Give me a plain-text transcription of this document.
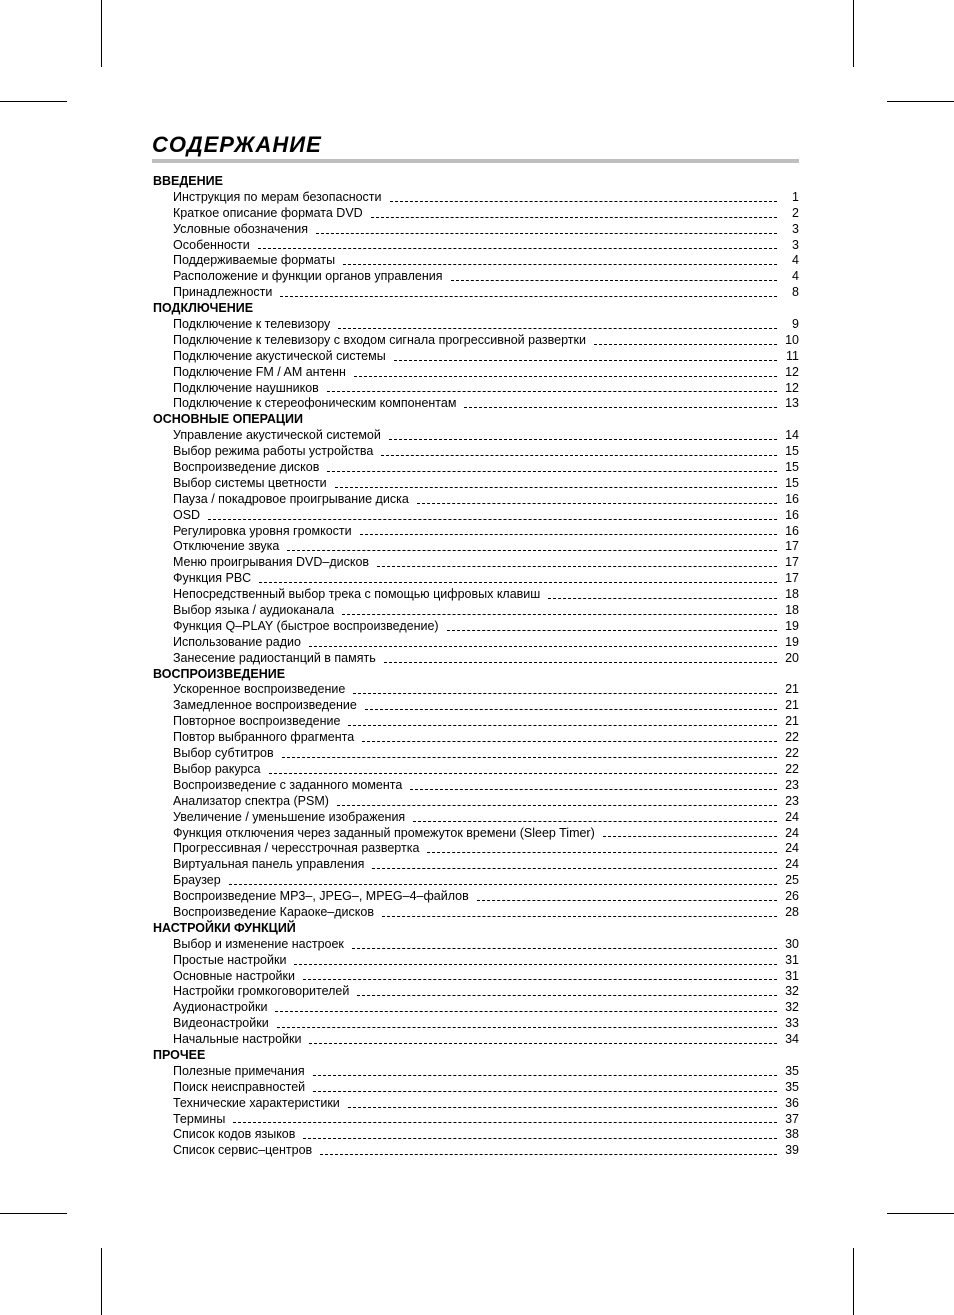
СОДЕРЖАНИЕ
ВВЕДЕНИЕ
Инструкция по мерам безопасности	1
Краткое описание формата DVD	2
Условные обозначения	3
Особенности	3
Поддерживаемые форматы	4
Расположение и функции органов управления	4
Принадлежности	8
ПОДКЛЮЧЕНИЕ
Подключение к телевизору	9
Подключение к телевизору с входом сигнала прогрессивной развертки	10
Подключение акустической системы	11
Подключение FM / AM антенн	12
Подключение наушников	12
Подключение к стереофоническим компонентам	13
ОСНОВНЫЕ ОПЕРАЦИИ
Управление акустической системой	14
Выбор режима работы устройства	15
Воспроизведение дисков	15
Выбор системы цветности	15
Пауза / покадровое проигрывание диска	16
OSD	16
Регулировка уровня громкости	16
Отключение звука	17
Меню проигрывания DVD–дисков	17
Функция PBC	17
Непосредственный выбор трека с помощью цифровых клавиш	18
Выбор языка / аудиоканала	18
Функция Q–PLAY (быстрое воспроизведение)	19
Использование радио	19
Занесение радиостанций в память	20
ВОСПРОИЗВЕДЕНИЕ
Ускоренное воспроизведение	21
Замедленное воспроизведение	21
Повторное воспроизведение	21
Повтор выбранного фрагмента	22
Выбор субтитров	22
Выбор ракурса	22
Воспроизведение с заданного момента	23
Анализатор спектра (PSM)	23
Увеличение / уменьшение изображения	24
Функция отключения через заданный промежуток времени (Sleep Timer)	24
Прогрессивная / чересстрочная развертка	24
Виртуальная панель управления	24
Браузер	25
Воспроизведение MP3–, JPEG–, MPEG–4–файлов	26
Воспроизведение Караоке–дисков	28
НАСТРОЙКИ ФУНКЦИЙ
Выбор и изменение настроек	30
Простые настройки	31
Основные настройки	31
Настройки громкоговорителей	32
Аудионастройки	32
Видеонастройки	33
Начальные настройки	34
ПРОЧЕЕ
Полезные примечания	35
Поиск неисправностей	35
Технические характеристики	36
Термины	37
Список кодов языков	38
Список сервис–центров	39
